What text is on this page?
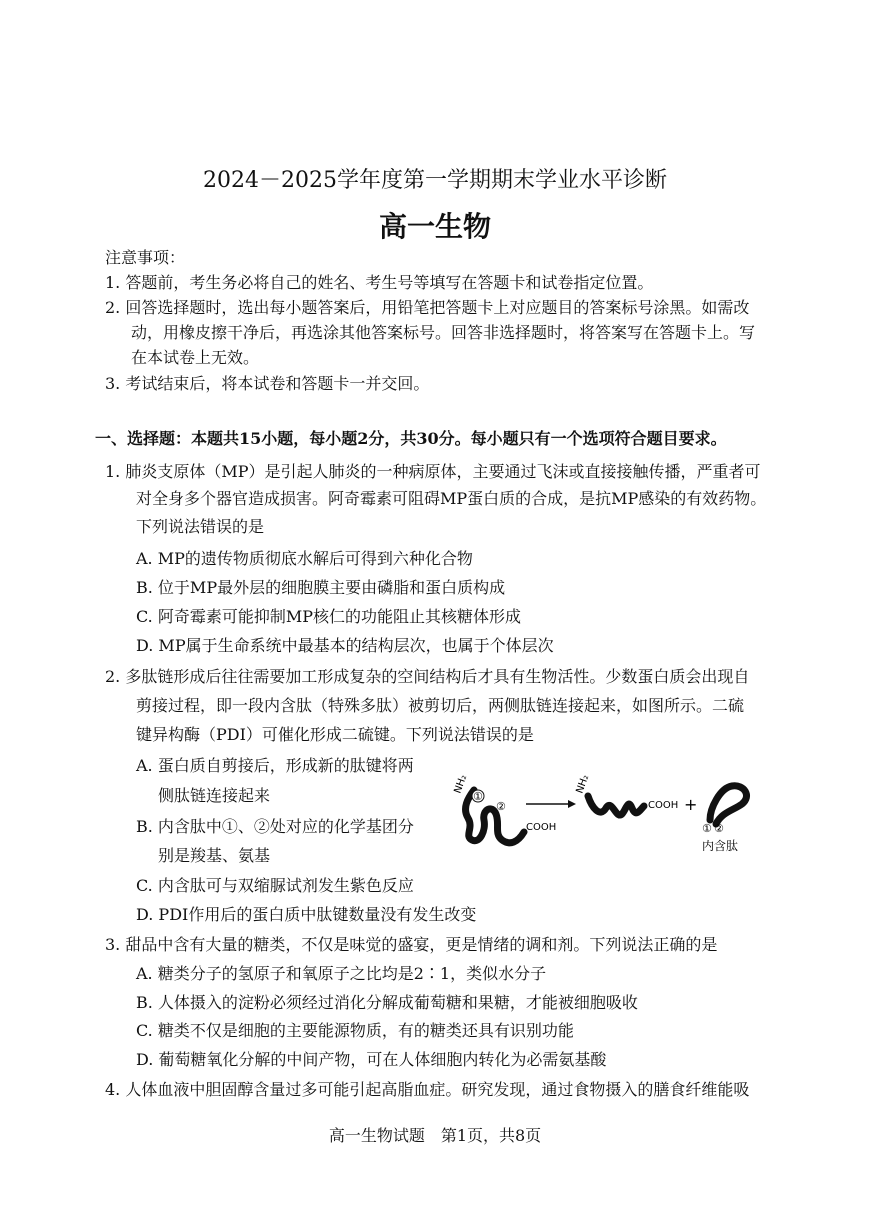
2024－2025学年度第一学期期末学业水平诊断
高一生物
注意事项：
1. 答题前，考生务必将自己的姓名、考生号等填写在答题卡和试卷指定位置。
2. 回答选择题时，选出每小题答案后，用铅笔把答题卡上对应题目的答案标号涂黑。如需改
动，用橡皮擦干净后，再选涂其他答案标号。回答非选择题时，将答案写在答题卡上。写
在本试卷上无效。
3. 考试结束后，将本试卷和答题卡一并交回。
一、选择题：本题共15小题，每小题2分，共30分。每小题只有一个选项符合题目要求。
1. 肺炎支原体（MP）是引起人肺炎的一种病原体，主要通过飞沫或直接接触传播，严重者可
对全身多个器官造成损害。阿奇霉素可阻碍MP蛋白质的合成，是抗MP感染的有效药物。
下列说法错误的是
A. MP的遗传物质彻底水解后可得到六种化合物
B. 位于MP最外层的细胞膜主要由磷脂和蛋白质构成
C. 阿奇霉素可能抑制MP核仁的功能阻止其核糖体形成
D. MP属于生命系统中最基本的结构层次，也属于个体层次
2. 多肽链形成后往往需要加工形成复杂的空间结构后才具有生物活性。少数蛋白质会出现自
剪接过程，即一段内含肽（特殊多肽）被剪切后，两侧肽链连接起来，如图所示。二硫
键异构酶（PDI）可催化形成二硫键。下列说法错误的是
A. 蛋白质自剪接后，形成新的肽键将两
侧肽链连接起来
B. 内含肽中①、②处对应的化学基团分
别是羧基、氨基
C. 内含肽可与双缩脲试剂发生紫色反应
D. PDI作用后的蛋白质中肽键数量没有发生改变
NH₂
①
②
COOH
NH₂
COOH +
① ②
内含肽
3. 甜品中含有大量的糖类，不仅是味觉的盛宴，更是情绪的调和剂。下列说法正确的是
A. 糖类分子的氢原子和氧原子之比均是2∶1，类似水分子
B. 人体摄入的淀粉必须经过消化分解成葡萄糖和果糖，才能被细胞吸收
C. 糖类不仅是细胞的主要能源物质，有的糖类还具有识别功能
D. 葡萄糖氧化分解的中间产物，可在人体细胞内转化为必需氨基酸
4. 人体血液中胆固醇含量过多可能引起高脂血症。研究发现，通过食物摄入的膳食纤维能吸
高一生物试题　第1页，共8页
